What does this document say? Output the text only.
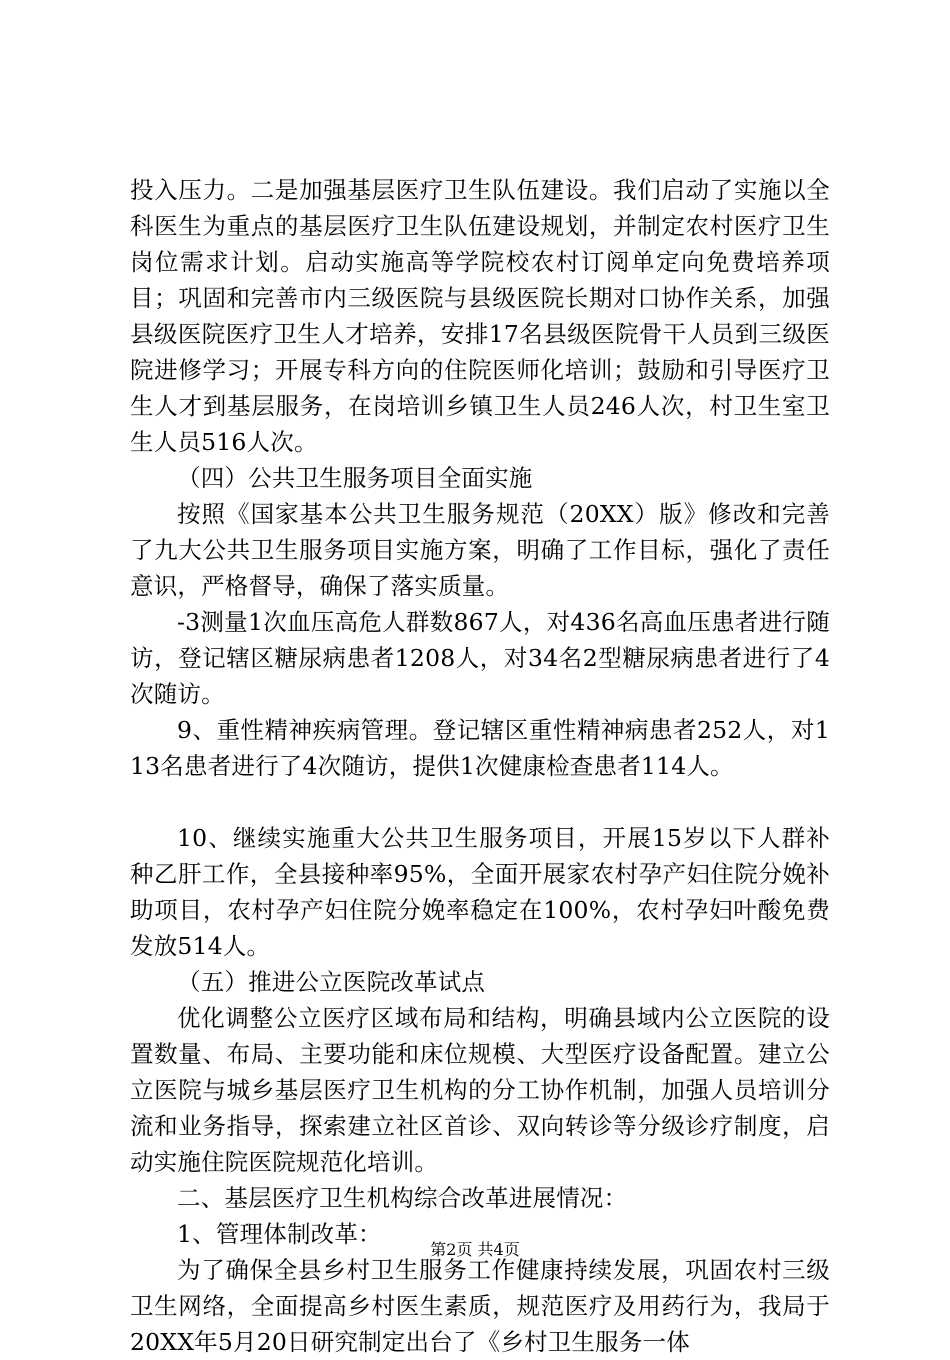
投入压力。二是加强基层医疗卫生队伍建设。我们启动了实施以全科医生为重点的基层医疗卫生队伍建设规划，并制定农村医疗卫生岗位需求计划。启动实施高等学院校农村订阅单定向免费培养项目；巩固和完善市内三级医院与县级医院长期对口协作关系，加强县级医院医疗卫生人才培养，安排17名县级医院骨干人员到三级医院进修学习；开展专科方向的住院医师化培训；鼓励和引导医疗卫生人才到基层服务，在岗培训乡镇卫生人员246人次，村卫生室卫生人员516人次。

（四）公共卫生服务项目全面实施

按照《国家基本公共卫生服务规范（20XX）版》修改和完善了九大公共卫生服务项目实施方案，明确了工作目标，强化了责任意识，严格督导，确保了落实质量。

-3测量1次血压高危人群数867人，对436名高血压患者进行随访，登记辖区糖尿病患者1208人，对34名2型糖尿病患者进行了4次随访。

9、重性精神疾病管理。登记辖区重性精神病患者252人，对113名患者进行了4次随访，提供1次健康检查患者114人。

10、继续实施重大公共卫生服务项目，开展15岁以下人群补种乙肝工作，全县接种率95%，全面开展家农村孕产妇住院分娩补助项目，农村孕产妇住院分娩率稳定在100%，农村孕妇叶酸免费发放514人。

（五）推进公立医院改革试点

优化调整公立医疗区域布局和结构，明确县域内公立医院的设置数量、布局、主要功能和床位规模、大型医疗设备配置。建立公立医院与城乡基层医疗卫生机构的分工协作机制，加强人员培训分流和业务指导，探索建立社区首诊、双向转诊等分级诊疗制度，启动实施住院医院规范化培训。

二、基层医疗卫生机构综合改革进展情况：

1、管理体制改革：

为了确保全县乡村卫生服务工作健康持续发展，巩固农村三级卫生网络，全面提高乡村医生素质，规范医疗及用药行为，我局于20XX年5月20日研究制定出台了《乡村卫生服务一体

第2页 共4页
